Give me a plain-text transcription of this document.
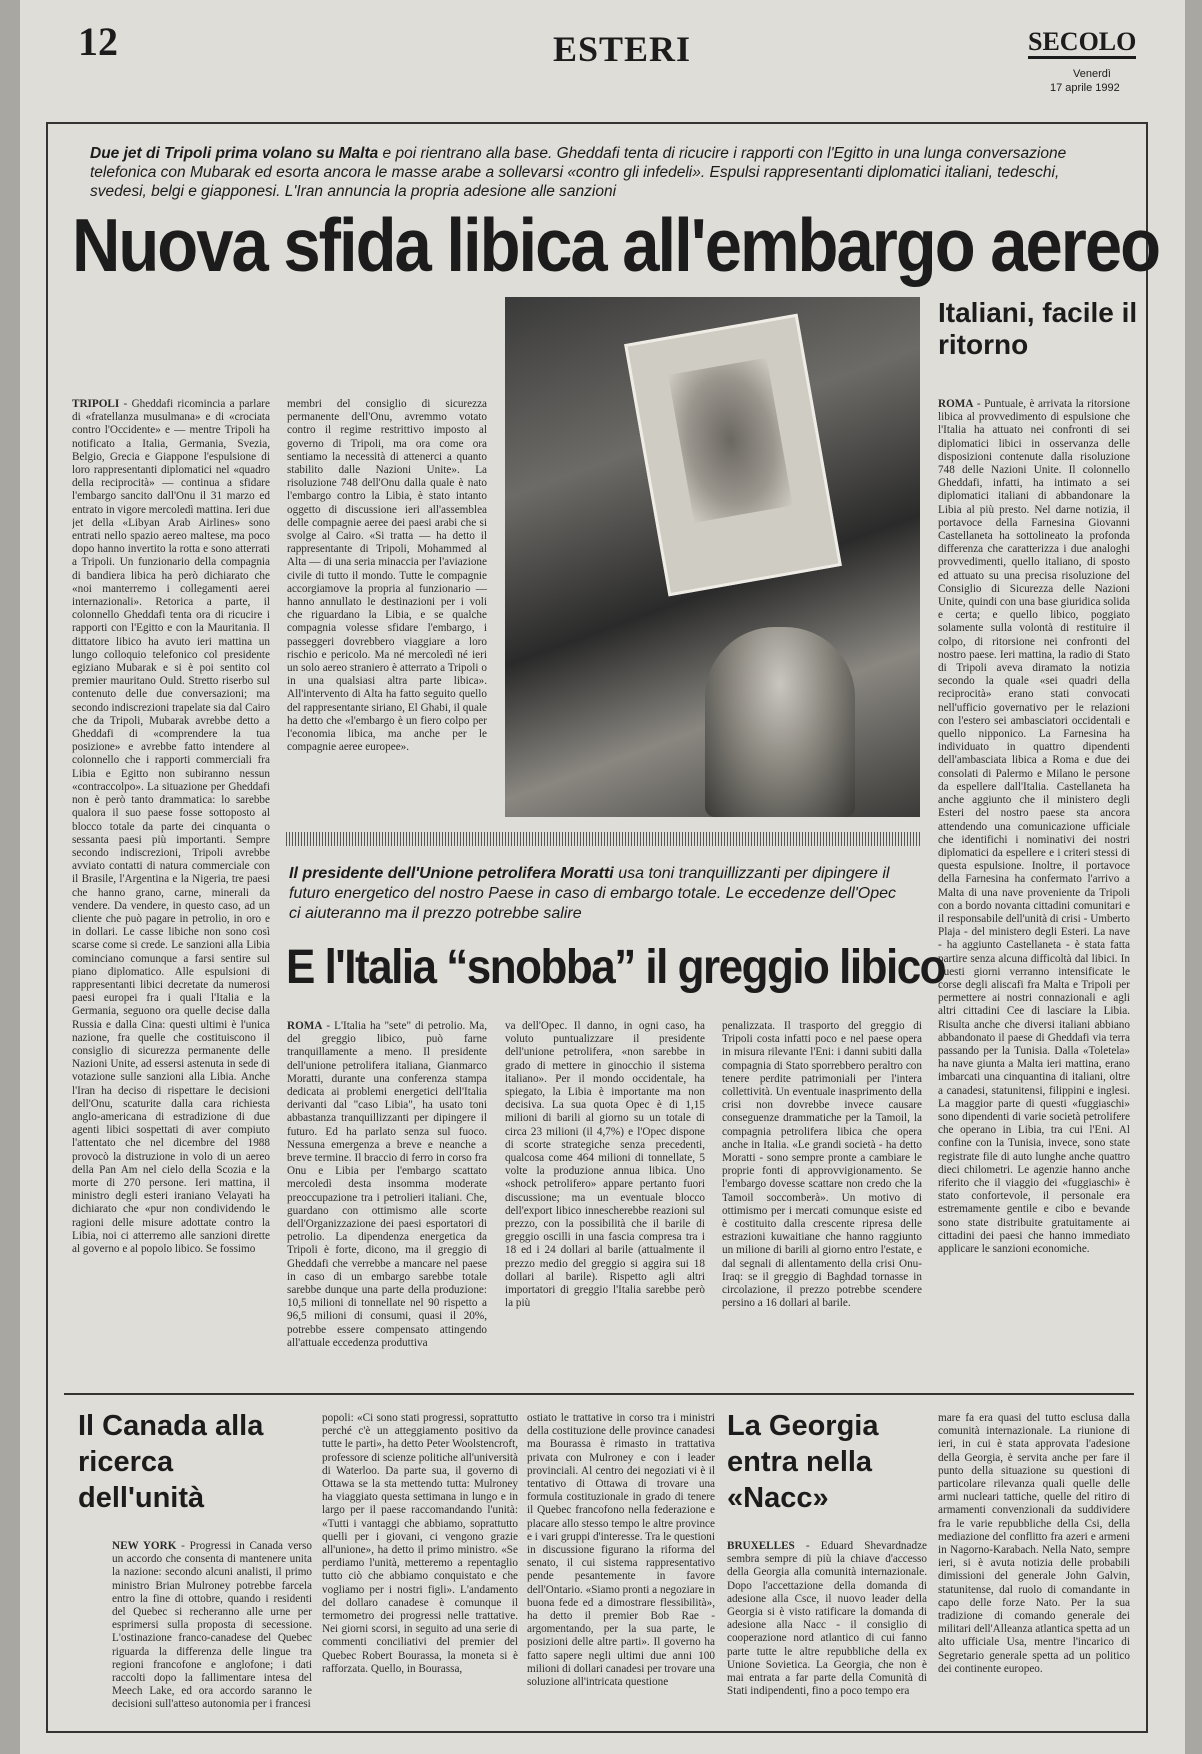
12	ESTERI	SECOLO
Venerdì
17 aprile 1992
Due jet di Tripoli prima volano su Malta e poi rientrano alla base. Gheddafi tenta di ricucire i rapporti con l'Egitto in una lunga conversazione telefonica con Mubarak ed esorta ancora le masse arabe a sollevarsi «contro gli infedeli». Espulsi rappresentanti diplomatici italiani, tedeschi, svedesi, belgi e giapponesi. L'Iran annuncia la propria adesione alle sanzioni
Nuova sfida libica all'embargo aereo
TRIPOLI - Gheddafi ricomincia a parlare di «fratellanza musulmana» e di «crociata contro l'Occidente» e — mentre Tripoli ha notificato a Italia, Germania, Svezia, Belgio, Grecia e Giappone l'espulsione di loro rappresentanti diplomatici nel «quadro della reciprocità» — continua a sfidare l'embargo sancito dall'Onu il 31 marzo ed entrato in vigore mercoledì mattina. Ieri due jet della «Libyan Arab Airlines» sono entrati nello spazio aereo maltese, ma poco dopo hanno invertito la rotta e sono atterrati a Tripoli. Un funzionario della compagnia di bandiera libica ha però dichiarato che «noi manterremo i collegamenti aerei internazionali». Retorica a parte, il colonnello Gheddafi tenta ora di ricucire i rapporti con l'Egitto e con la Mauritania. Il dittatore libico ha avuto ieri mattina un lungo colloquio telefonico col presidente egiziano Mubarak e si è poi sentito col premier mauritano Ould. Stretto riserbo sul contenuto delle due conversazioni; ma secondo indiscrezioni trapelate sia dal Cairo che da Tripoli, Mubarak avrebbe detto a Gheddafi di «comprendere la tua posizione» e avrebbe fatto intendere al colonnello che i rapporti commerciali fra Libia e Egitto non subiranno nessun «contraccolpo». La situazione per Gheddafi non è però tanto drammatica: lo sarebbe qualora il suo paese fosse sottoposto al blocco totale da parte dei cinquanta o sessanta paesi più importanti. Sempre secondo indiscrezioni, Tripoli avrebbe avviato contatti di natura commerciale con il Brasile, l'Argentina e la Nigeria, tre paesi che hanno grano, carne, minerali da vendere. Da vendere, in questo caso, ad un cliente che può pagare in petrolio, in oro e in dollari. Le casse libiche non sono così scarse come si crede. Le sanzioni alla Libia cominciano comunque a farsi sentire sul piano diplomatico. Alle espulsioni di rappresentanti libici decretate da numerosi paesi europei fra i quali l'Italia e la Germania, seguono ora quelle decise dalla Russia e dalla Cina: questi ultimi è l'unica nazione, fra quelle che costituiscono il consiglio di sicurezza permanente delle Nazioni Unite, ad essersi astenuta in sede di votazione sulle sanzioni alla Libia. Anche l'Iran ha deciso di rispettare le decisioni dell'Onu, scaturite dalla cara richiesta anglo-americana di estradizione di due agenti libici sospettati di aver compiuto l'attentato che nel dicembre del 1988 provocò la distruzione in volo di un aereo della Pan Am nel cielo della Scozia e la morte di 270 persone. Ieri mattina, il ministro degli esteri iraniano Velayati ha dichiarato che «pur non condividendo le ragioni delle misure adottate contro la Libia, noi ci atterremo alle sanzioni dirette al governo e al popolo libico. Se fossimo
membri del consiglio di sicurezza permanente dell'Onu, avremmo votato contro il regime restrittivo imposto al governo di Tripoli, ma ora come ora sentiamo la necessità di attenerci a quanto stabilito dalle Nazioni Unite». La risoluzione 748 dell'Onu dalla quale è nato l'embargo contro la Libia, è stato intanto oggetto di discussione ieri all'assemblea delle compagnie aeree dei paesi arabi che si svolge al Cairo. «Si tratta — ha detto il rappresentante di Tripoli, Mohammed al Alta — di una seria minaccia per l'aviazione civile di tutto il mondo. Tutte le compagnie accorgiamove la propria al funzionario — hanno annullato le destinazioni per i voli che riguardano la Libia, e se qualche compagnia volesse sfidare l'embargo, i passeggeri dovrebbero viaggiare a loro rischio e pericolo. Ma né mercoledì né ieri un solo aereo straniero è atterrato a Tripoli o in una qualsiasi altra parte libica». All'intervento di Alta ha fatto seguito quello del rappresentante siriano, El Ghabi, il quale ha detto che «l'embargo è un fiero colpo per l'economia libica, ma anche per le compagnie aeree europee».
Italiani, facile il ritorno
ROMA - Puntuale, è arrivata la ritorsione libica al provvedimento di espulsione che l'Italia ha attuato nei confronti di sei diplomatici libici in osservanza delle disposizioni contenute dalla risoluzione 748 delle Nazioni Unite. Il colonnello Gheddafi, infatti, ha intimato a sei diplomatici italiani di abbandonare la Libia al più presto. Nel darne notizia, il portavoce della Farnesina Giovanni Castellaneta ha sottolineato la profonda differenza che caratterizza i due analoghi provvedimenti, quello italiano, di sposto ed attuato su una precisa risoluzione del Consiglio di Sicurezza delle Nazioni Unite, quindi con una base giuridica solida e certa; e quello libico, poggiato solamente sulla volontà di restituire il colpo, di ritorsione nei confronti del nostro paese. Ieri mattina, la radio di Stato di Tripoli aveva diramato la notizia secondo la quale «sei quadri della reciprocità» erano stati convocati nell'ufficio governativo per le relazioni con l'estero sei ambasciatori occidentali e quello nipponico. La Farnesina ha individuato in quattro dipendenti dell'ambasciata libica a Roma e due dei consolati di Palermo e Milano le persone da espellere dall'Italia. Castellaneta ha anche aggiunto che il ministero degli Esteri del nostro paese sta ancora attendendo una comunicazione ufficiale che identifichi i nominativi dei nostri diplomatici da espellere e i criteri stessi di questa espulsione. Inoltre, il portavoce della Farnesina ha confermato l'arrivo a Malta di una nave proveniente da Tripoli con a bordo novanta cittadini comunitari e il responsabile dell'unità di crisi - Umberto Plaja - del ministero degli Esteri. La nave - ha aggiunto Castellaneta - è stata fatta partire senza alcuna difficoltà dal libici. In questi giorni verranno intensificate le corse degli aliscafi fra Malta e Tripoli per permettere ai nostri connazionali e agli altri cittadini Cee di lasciare la Libia. Risulta anche che diversi italiani abbiano abbandonato il paese di Gheddafi via terra passando per la Tunisia. Dalla «Toletela» ha nave giunta a Malta ieri mattina, erano imbarcati una cinquantina di italiani, oltre a canadesi, statunitensi, filippini e inglesi. La maggior parte di questi «fuggiaschi» sono dipendenti di varie società petrolifere che operano in Libia, tra cui l'Eni. Al confine con la Tunisia, invece, sono state registrate file di auto lunghe anche quattro dieci chilometri. Le agenzie hanno anche riferito che il viaggio dei «fuggiaschi» è stato confortevole, il personale era estremamente gentile e cibo e bevande sono state distribuite gratuitamente ai cittadini dei paesi che hanno immediato applicare le sanzioni economiche.
Il presidente dell'Unione petrolifera Moratti usa toni tranquillizzanti per dipingere il futuro energetico del nostro Paese in caso di embargo totale. Le eccedenze dell'Opec ci aiuteranno ma il prezzo potrebbe salire
E l'Italia “snobba” il greggio libico
ROMA - L'Italia ha "sete" di petrolio. Ma, del greggio libico, può farne tranquillamente a meno. Il presidente dell'unione petrolifera italiana, Gianmarco Moratti, durante una conferenza stampa dedicata ai problemi energetici dell'Italia derivanti dal "caso Libia", ha usato toni abbastanza tranquillizzanti per dipingere il futuro. Ed ha parlato senza sul fuoco. Nessuna emergenza a breve e neanche a breve termine. Il braccio di ferro in corso fra Onu e Libia per l'embargo scattato mercoledì desta insomma moderate preoccupazione tra i petrolieri italiani. Che, guardano con ottimismo alle scorte dell'Organizzazione dei paesi esportatori di petrolio. La dipendenza energetica da Tripoli è forte, dicono, ma il greggio di Gheddafi che verrebbe a mancare nel paese in caso di un embargo sarebbe totale sarebbe dunque una parte della produzione: 10,5 milioni di tonnellate nel 90 rispetto a 96,5 milioni di consumi, quasi il 20%, potrebbe essere compensato attingendo all'attuale eccedenza produttiva
va dell'Opec. Il danno, in ogni caso, ha voluto puntualizzare il presidente dell'unione petrolifera, «non sarebbe in grado di mettere in ginocchio il sistema italiano». Per il mondo occidentale, ha spiegato, la Libia è importante ma non decisiva. La sua quota Opec è di 1,15 milioni di barili al giorno su un totale di circa 23 milioni (il 4,7%) e l'Opec dispone di scorte strategiche senza precedenti, qualcosa come 464 milioni di tonnellate, 5 volte la produzione annua libica. Uno «shock petrolifero» appare pertanto fuori discussione; ma un eventuale blocco dell'export libico innescherebbe reazioni sul prezzo, con la possibilità che il barile di greggio oscilli in una fascia compresa tra i 18 ed i 24 dollari al barile (attualmente il prezzo medio del greggio si aggira sui 18 dollari al barile). Rispetto agli altri importatori di greggio l'Italia sarebbe però la più
penalizzata. Il trasporto del greggio di Tripoli costa infatti poco e nel paese opera in misura rilevante l'Eni: i danni subiti dalla compagnia di Stato sporrebbero peraltro con tenere perdite patrimoniali per l'intera collettività. Un eventuale inasprimento della crisi non dovrebbe invece causare conseguenze drammatiche per la Tamoil, la compagnia petrolifera libica che opera anche in Italia. «Le grandi società - ha detto Moratti - sono sempre pronte a cambiare le proprie fonti di approvvigionamento. Se l'embargo dovesse scattare non credo che la Tamoil soccomberà». Un motivo di ottimismo per i mercati comunque esiste ed è costituito dalla crescente ripresa delle estrazioni kuwaitiane che hanno raggiunto un milione di barili al giorno entro l'estate, e dal segnali di allentamento della crisi Onu-Iraq: se il greggio di Baghdad tornasse in circolazione, il prezzo potrebbe scendere persino a 16 dollari al barile.
Il Canada alla ricerca dell'unità
NEW YORK - Progressi in Canada verso un accordo che consenta di mantenere unita la nazione: secondo alcuni analisti, il primo ministro Brian Mulroney potrebbe farcela entro la fine di ottobre, quando i residenti del Quebec si recheranno alle urne per esprimersi sulla proposta di secessione. L'ostinazione franco-canadese del Quebec riguarda la differenza delle lingue tra regioni francofone e anglofone; i dati raccolti dopo la fallimentare intesa del Meech Lake, ed ora accordo saranno le decisioni sull'atteso autonomia per i francesi
popoli: «Ci sono stati progressi, soprattutto perché c'è un atteggiamento positivo da tutte le parti», ha detto Peter Woolstencroft, professore di scienze politiche all'università di Waterloo. Da parte sua, il governo di Ottawa se la sta mettendo tutta: Mulroney ha viaggiato questa settimana in lungo e in largo per il paese raccomandando l'unità: «Tutti i vantaggi che abbiamo, soprattutto quelli per i giovani, ci vengono grazie all'unione», ha detto il primo ministro. «Se perdiamo l'unità, metteremo a repentaglio tutto ciò che abbiamo conquistato e che vogliamo per i nostri figli». L'andamento del dollaro canadese è comunque il termometro dei progressi nelle trattative. Nei giorni scorsi, in seguito ad una serie di commenti conciliativi del premier del Quebec Robert Bourassa, la moneta si è rafforzata. Quello, in Bourassa,
ostiato le trattative in corso tra i ministri della costituzione delle province canadesi ma Bourassa è rimasto in trattativa privata con Mulroney e con i leader provinciali. Al centro dei negoziati vi è il tentativo di Ottawa di trovare una formula costituzionale in grado di tenere il Quebec francofono nella federazione e placare allo stesso tempo le altre province e i vari gruppi d'interesse. Tra le questioni in discussione figurano la riforma del senato, il cui sistema rappresentativo pende pesantemente in favore dell'Ontario. «Siamo pronti a negoziare in buona fede ed a dimostrare flessibilità», ha detto il premier Bob Rae - argomentando, per la sua parte, le posizioni delle altre parti». Il governo ha fatto sapere negli ultimi due anni 100 milioni di dollari canadesi per trovare una soluzione all'intricata questione
La Georgia entra nella «Nacc»
BRUXELLES - Eduard Shevardnadze sembra sempre di più la chiave d'accesso della Georgia alla comunità internazionale. Dopo l'accettazione della domanda di adesione alla Csce, il nuovo leader della Georgia si è visto ratificare la domanda di adesione alla Nacc - il consiglio di cooperazione nord atlantico di cui fanno parte tutte le altre repubbliche della ex Unione Sovietica. La Georgia, che non è mai entrata a far parte della Comunità di Stati indipendenti, fino a poco tempo era
mare fa era quasi del tutto esclusa dalla comunità internazionale. La riunione di ieri, in cui è stata approvata l'adesione della Georgia, è servita anche per fare il punto della situazione su questioni di particolare rilevanza quali quelle delle armi nucleari tattiche, quelle del ritiro di armamenti convenzionali da suddividere fra le varie repubbliche della Csi, della mediazione del conflitto fra azeri e armeni in Nagorno-Karabach. Nella Nato, sempre ieri, si è avuta notizia delle probabili dimissioni del generale John Galvin, statunitense, dal ruolo di comandante in capo delle forze Nato. Per la sua tradizione di comando generale dei militari dell'Alleanza atlantica spetta ad un alto ufficiale Usa, mentre l'incarico di Segretario generale spetta ad un politico dei continente europeo.
